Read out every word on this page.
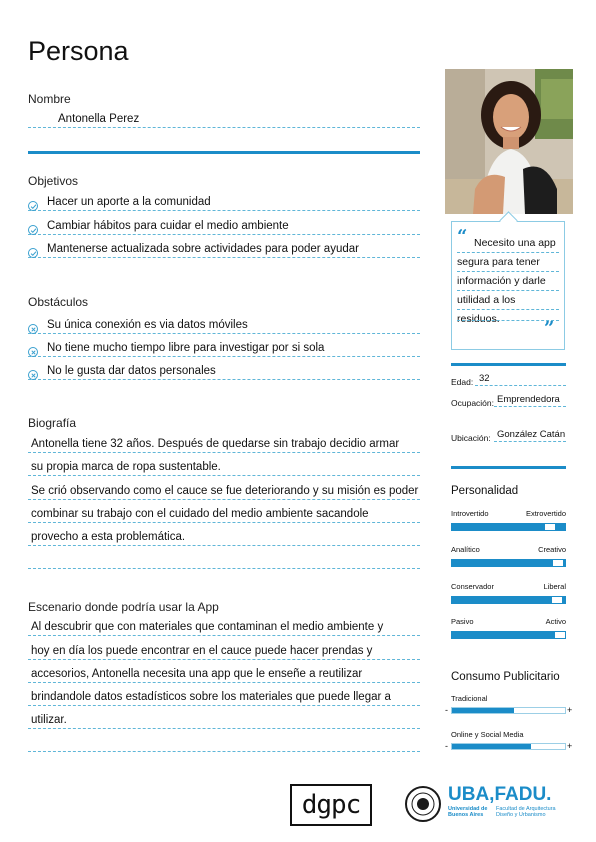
Persona
Nombre
Antonella Perez
Objetivos
Hacer un aporte a la comunidad
Cambiar hábitos para cuidar el medio ambiente
Mantenerse actualizada sobre actividades para poder ayudar
Obstáculos
Su única conexión es via datos móviles
No tiene mucho tiempo libre para investigar por si sola
No le gusta dar datos personales
Biografía
Antonella tiene 32 años. Después de quedarse sin trabajo decidio armar
su propia marca de ropa sustentable.
Se crió observando como el cauce se fue deteriorando y su misión es poder
combinar su trabajo con el cuidado del medio ambiente sacandole
provecho a esta problemática.
Escenario donde podría usar la App
Al descubrir que con materiales que contaminan el medio ambiente y
hoy en día los puede encontrar en el cauce puede hacer prendas y
accesorios, Antonella necesita una app que le enseñe a reutilizar
brindandole datos estadísticos sobre los materiales que puede llegar a
utilizar.
“ Necesito una app
segura para tener
información y darle
utilidad a los residuos.	”
Edad: 32
Ocupación: Emprendedora
Ubicación: González Catán
Personalidad
Introvertido	Extrovertido
Analítico	Creativo
Conservador	Liberal
Pasivo	Activo
Consumo Publicitario
Tradicional
-	+
Online y Social Media
-	+
dgpc	UBA,FADU.
Universidad de Buenos Aires
Facultad de Arquitectura Diseño y Urbanismo
